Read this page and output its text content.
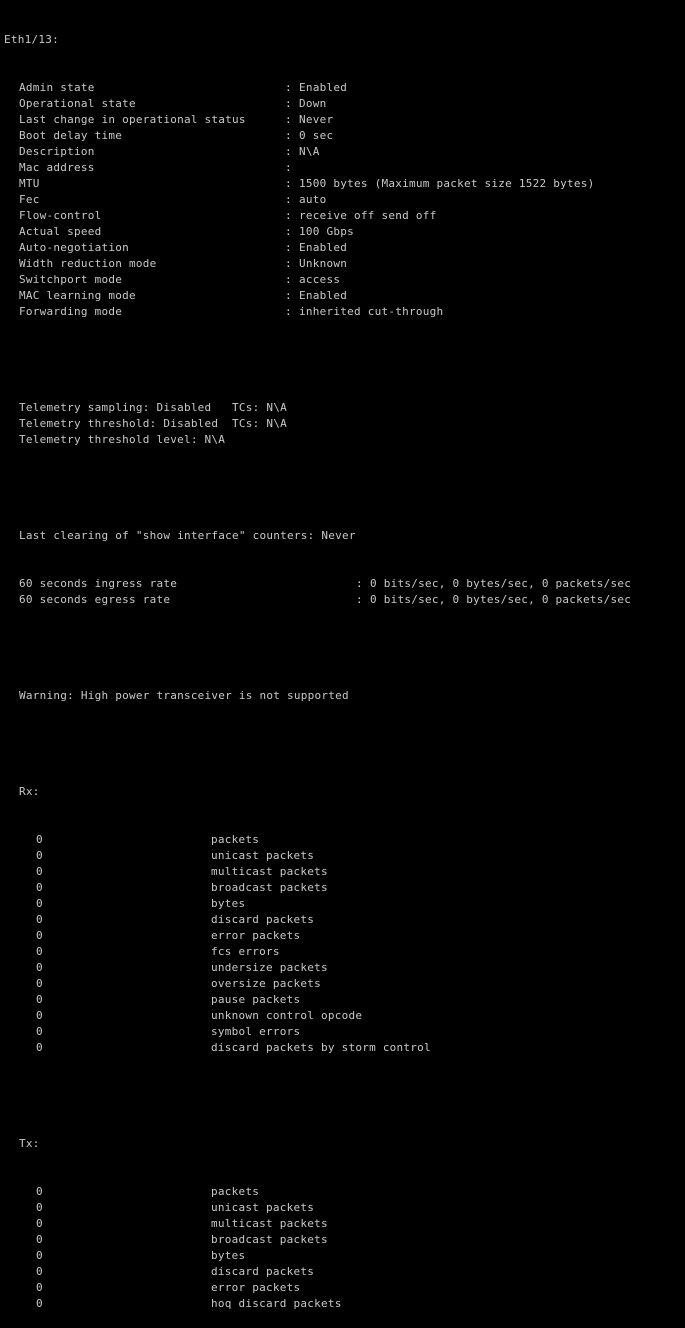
Eth1/13:

Admin state	: Enabled
Operational state	: Down
Last change in operational status	: Never
Boot delay time	: 0 sec
Description	: N\A
Mac address	:
MTU	: 1500 bytes (Maximum packet size 1522 bytes)
Fec	: auto
Flow-control	: receive off send off
Actual speed	: 100 Gbps
Auto-negotiation	: Enabled
Width reduction mode	: Unknown
Switchport mode	: access
MAC learning mode	: Enabled
Forwarding mode	: inherited cut-through

Telemetry sampling: Disabled   TCs: N\A
Telemetry threshold: Disabled  TCs: N\A
Telemetry threshold level: N\A

Last clearing of "show interface" counters: Never

60 seconds ingress rate	: 0 bits/sec, 0 bytes/sec, 0 packets/sec
60 seconds egress rate	: 0 bits/sec, 0 bytes/sec, 0 packets/sec

Warning: High power transceiver is not supported

Rx:

0	packets
0	unicast packets
0	multicast packets
0	broadcast packets
0	bytes
0	discard packets
0	error packets
0	fcs errors
0	undersize packets
0	oversize packets
0	pause packets
0	unknown control opcode
0	symbol errors
0	discard packets by storm control

Tx:

0	packets
0	unicast packets
0	multicast packets
0	broadcast packets
0	bytes
0	discard packets
0	error packets
0	hoq discard packets
